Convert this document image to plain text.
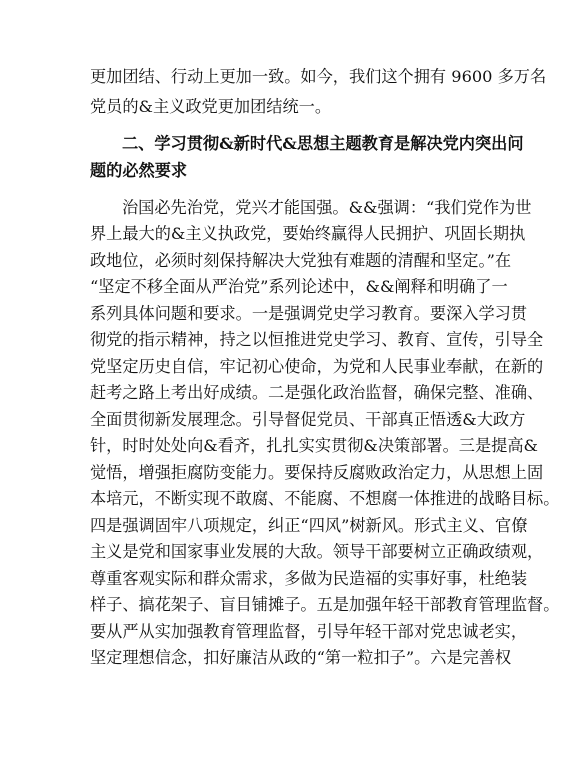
更加团结、行动上更加一致。如今，我们这个拥有 9600 多万名
党员的&主义政党更加团结统一。
二、学习贯彻&新时代&思想主题教育是解决党内突出问
题的必然要求
治国必先治党，党兴才能国强。&&强调：“我们党作为世
界上最大的&主义执政党，要始终赢得人民拥护、巩固长期执
政地位，必须时刻保持解决大党独有难题的清醒和坚定。”在
“坚定不移全面从严治党”系列论述中，&&阐释和明确了一
系列具体问题和要求。一是强调党史学习教育。要深入学习贯
彻党的指示精神，持之以恒推进党史学习、教育、宣传，引导全
党坚定历史自信，牢记初心使命，为党和人民事业奉献，在新的
赶考之路上考出好成绩。二是强化政治监督，确保完整、准确、
全面贯彻新发展理念。引导督促党员、干部真正悟透&大政方
针，时时处处向&看齐，扎扎实实贯彻&决策部署。三是提高&
觉悟，增强拒腐防变能力。要保持反腐败政治定力，从思想上固
本培元，不断实现不敢腐、不能腐、不想腐一体推进的战略目标。
四是强调固牢八项规定，纠正“四风”树新风。形式主义、官僚
主义是党和国家事业发展的大敌。领导干部要树立正确政绩观，
尊重客观实际和群众需求，多做为民造福的实事好事，杜绝装
样子、搞花架子、盲目铺摊子。五是加强年轻干部教育管理监督。
要从严从实加强教育管理监督，引导年轻干部对党忠诚老实，
坚定理想信念，扣好廉洁从政的“第一粒扣子”。六是完善权
